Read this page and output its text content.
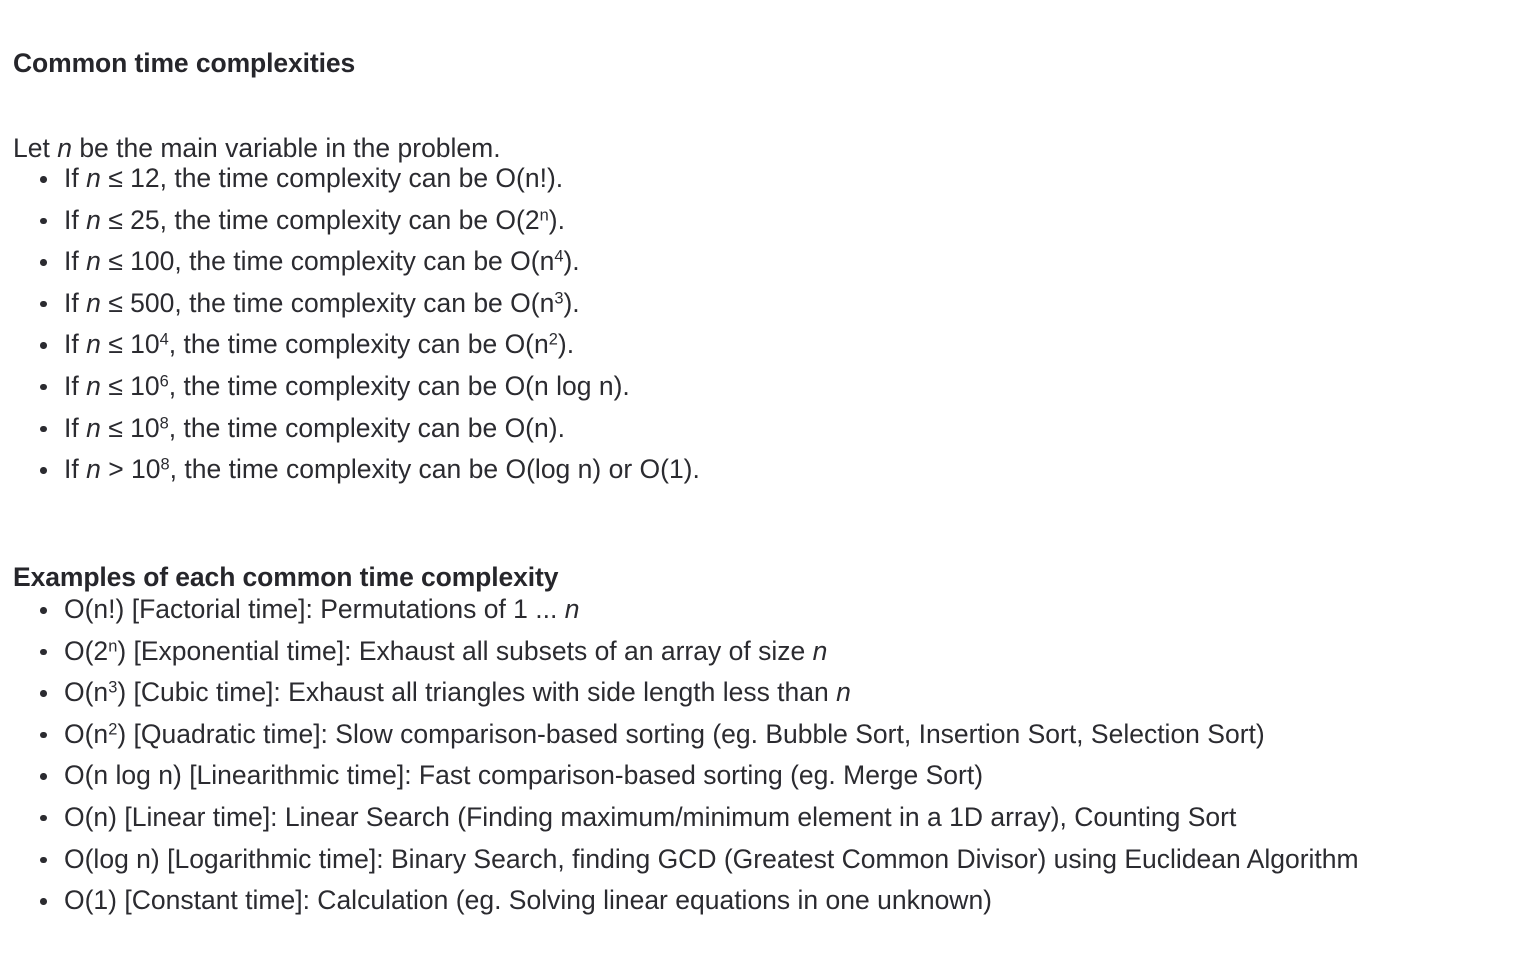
Common time complexities

Let n be the main variable in the problem.

If n ≤ 12, the time complexity can be O(n!).
If n ≤ 25, the time complexity can be O(2$^n$).
If n ≤ 100, the time complexity can be $O(n^4)$.
If n ≤ 500, the time complexity can be $O(n^3)$.
If $n \le 10^4$, the time complexity can be $O(n^2)$.
If $n \le 10^6$, the time complexity can be O(n log n).
If $n \le 10^8$, the time complexity can be O(n).
If $n > 10^8$, the time complexity can be O(log n) or O(1).
Examples of each common time complexity
O(n!) [Factorial time]: Permutations of 1 ... n
O(2$^n$) [Exponential time]: Exhaust all subsets of an array of size n
$O(n^3)$ [Cubic time]: Exhaust all triangles with side length less than n
$O(n^2)$ [Quadratic time]: Slow comparison-based sorting (eg. Bubble Sort, Insertion Sort, Selection Sort)
O(n log n) [Linearithmic time]: Fast comparison-based sorting (eg. Merge Sort)
O(n) [Linear time]: Linear Search (Finding maximum/minimum element in a 1D array), Counting Sort
O(log n) [Logarithmic time]: Binary Search, finding GCD (Greatest Common Divisor) using Euclidean Algorithm
O(1) [Constant time]: Calculation (eg. Solving linear equations in one unknown)
